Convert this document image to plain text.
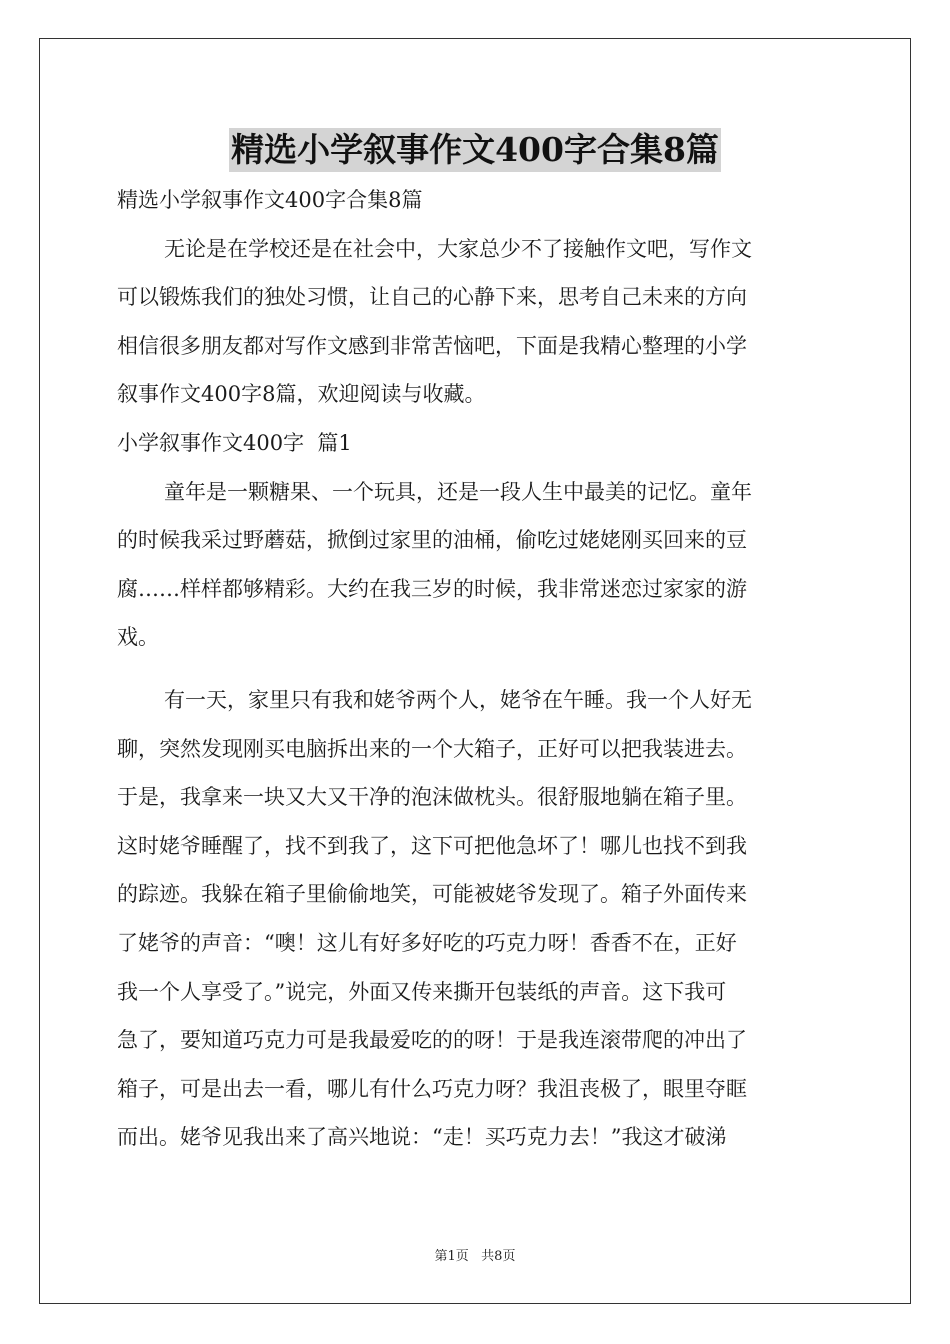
精选小学叙事作文400字合集8篇
精选小学叙事作文400字合集8篇
无论是在学校还是在社会中，大家总少不了接触作文吧，写作文
可以锻炼我们的独处习惯，让自己的心静下来，思考自己未来的方向
相信很多朋友都对写作文感到非常苦恼吧，下面是我精心整理的小学
叙事作文400字8篇，欢迎阅读与收藏。
小学叙事作文400字  篇1
童年是一颗糖果、一个玩具，还是一段人生中最美的记忆。童年
的时候我采过野蘑菇，掀倒过家里的油桶，偷吃过姥姥刚买回来的豆
腐……样样都够精彩。大约在我三岁的时候，我非常迷恋过家家的游
戏。
有一天，家里只有我和姥爷两个人，姥爷在午睡。我一个人好无
聊，突然发现刚买电脑拆出来的一个大箱子，正好可以把我装进去。
于是，我拿来一块又大又干净的泡沫做枕头。很舒服地躺在箱子里。
这时姥爷睡醒了，找不到我了，这下可把他急坏了！哪儿也找不到我
的踪迹。我躲在箱子里偷偷地笑，可能被姥爷发现了。箱子外面传来
了姥爷的声音：“噢！这儿有好多好吃的巧克力呀！香香不在，正好
我一个人享受了。”说完，外面又传来撕开包装纸的声音。这下我可
急了，要知道巧克力可是我最爱吃的的呀！于是我连滚带爬的冲出了
箱子，可是出去一看，哪儿有什么巧克力呀？我沮丧极了，眼里夺眶
而出。姥爷见我出来了高兴地说：“走！买巧克力去！”我这才破涕
第1页   共8页
